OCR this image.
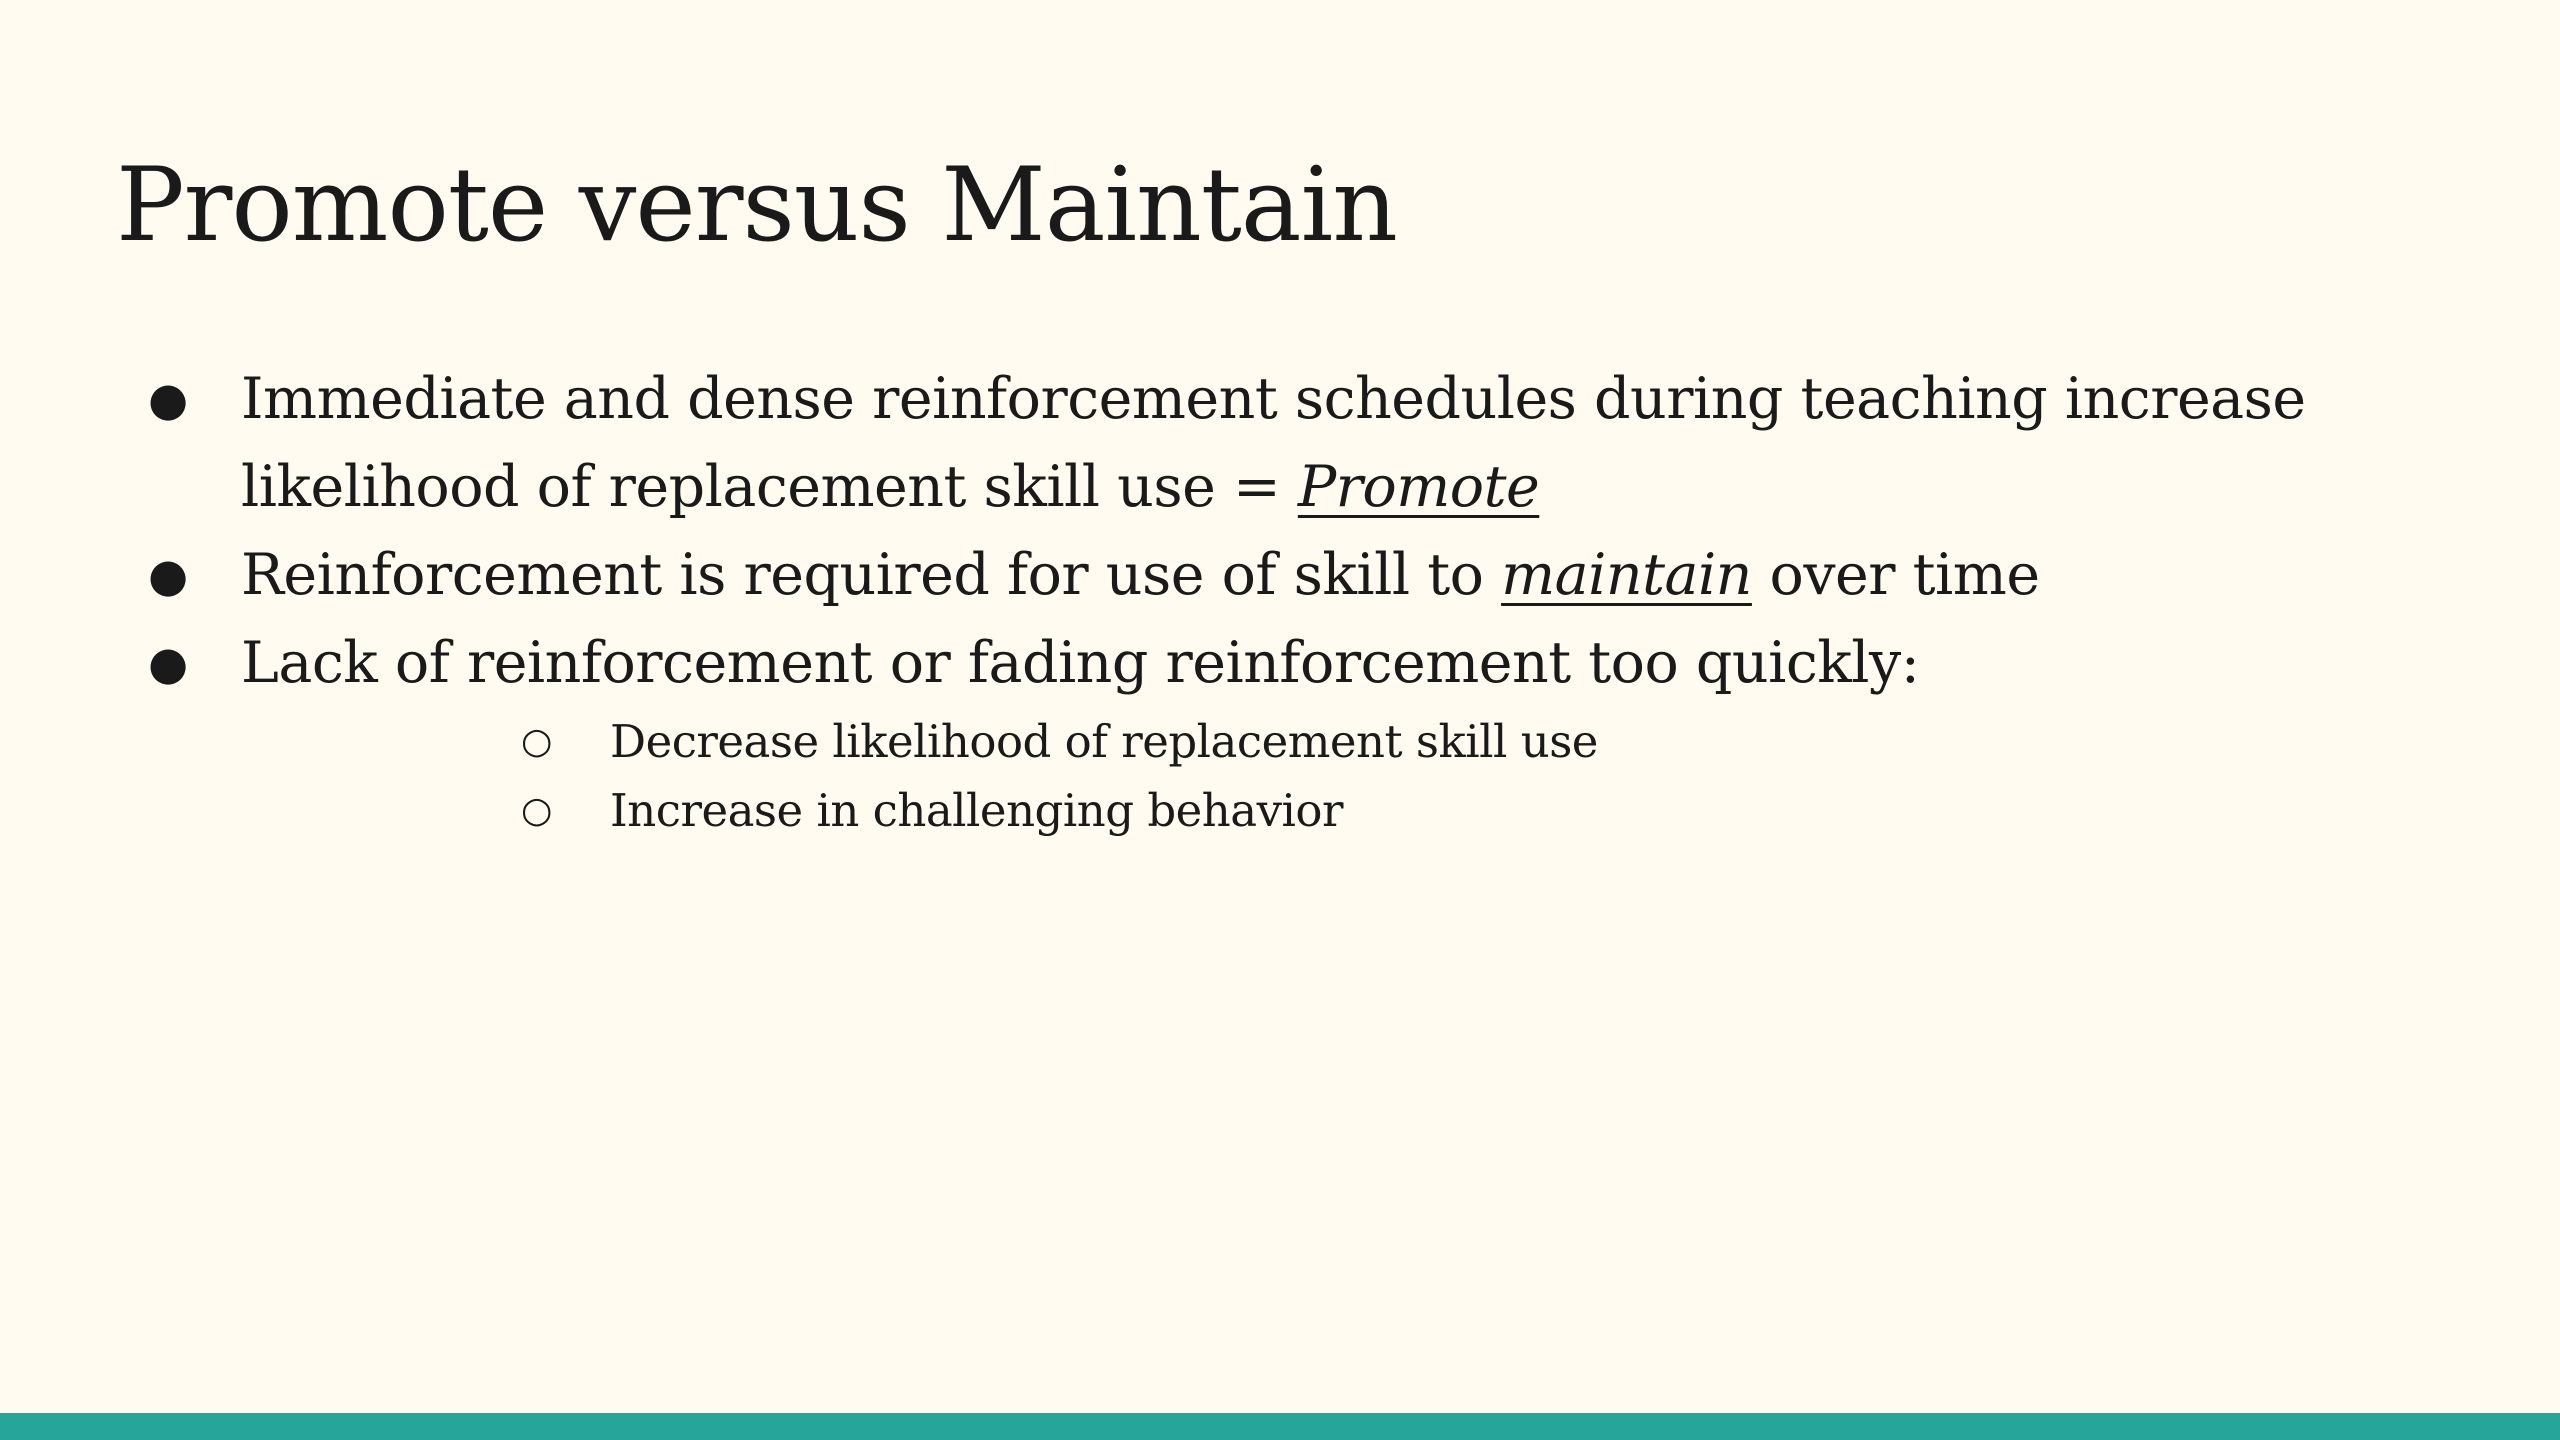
Promote versus Maintain
● Immediate and dense reinforcement schedules during teaching increase likelihood of replacement skill use = Promote
● Reinforcement is required for use of skill to maintain over time
● Lack of reinforcement or fading reinforcement too quickly:
○ Decrease likelihood of replacement skill use
○ Increase in challenging behavior
